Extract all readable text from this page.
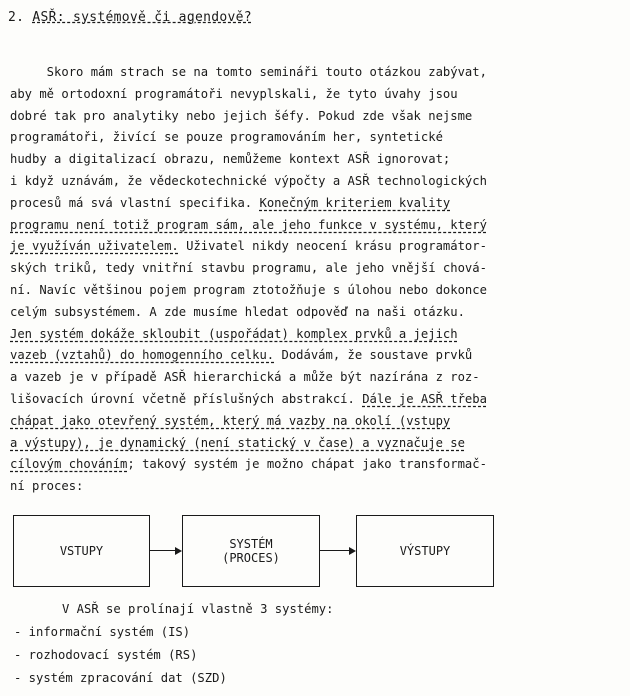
2. ASŘ: systémově či agendově?
Skoro mám strach se na tomto semináři touto otázkou zabývat,
aby mě ortodoxní programátoři nevyplskali, že tyto úvahy jsou
dobré tak pro analytiky nebo jejich šéfy. Pokud zde však nejsme
programátoři, živící se pouze programováním her, syntetické
hudby a digitalizací obrazu, nemůžeme kontext ASŘ ignorovat;
i když uznávám, že vědeckotechnické výpočty a ASŘ technologických
procesů má svá vlastní specifika. Konečným kriteriem kvality
programu není totiž program sám, ale jeho funkce v systému, který
je využíván uživatelem. Uživatel nikdy neocení krásu programátor-
ských triků, tedy vnitřní stavbu programu, ale jeho vnější chová-
ní. Navíc většinou pojem program ztotožňuje s úlohou nebo dokonce
celým subsystémem. A zde musíme hledat odpověď na naši otázku.
Jen systém dokáže skloubit (uspořádat) komplex prvků a jejich
vazeb (vztahů) do homogenního celku. Dodávám, že soustave prvků
a vazeb je v případě ASŘ hierarchická a může být nazírána z roz-
lišovacích úrovní včetně příslušných abstrakcí. Dále je ASŘ třeba
chápat jako otevřený systém, který má vazby na okolí (vstupy
a výstupy), je dynamický (není statický v čase) a vyznačuje se
cílovým chováním; takový systém je možno chápat jako transformač-
ní proces:
VSTUPY	SYSTÉM
(PROCES)	VÝSTUPY
V ASŘ se prolínají vlastně 3 systémy:
- informační systém (IS)
- rozhodovací systém (RS)
- systém zpracování dat (SZD)
